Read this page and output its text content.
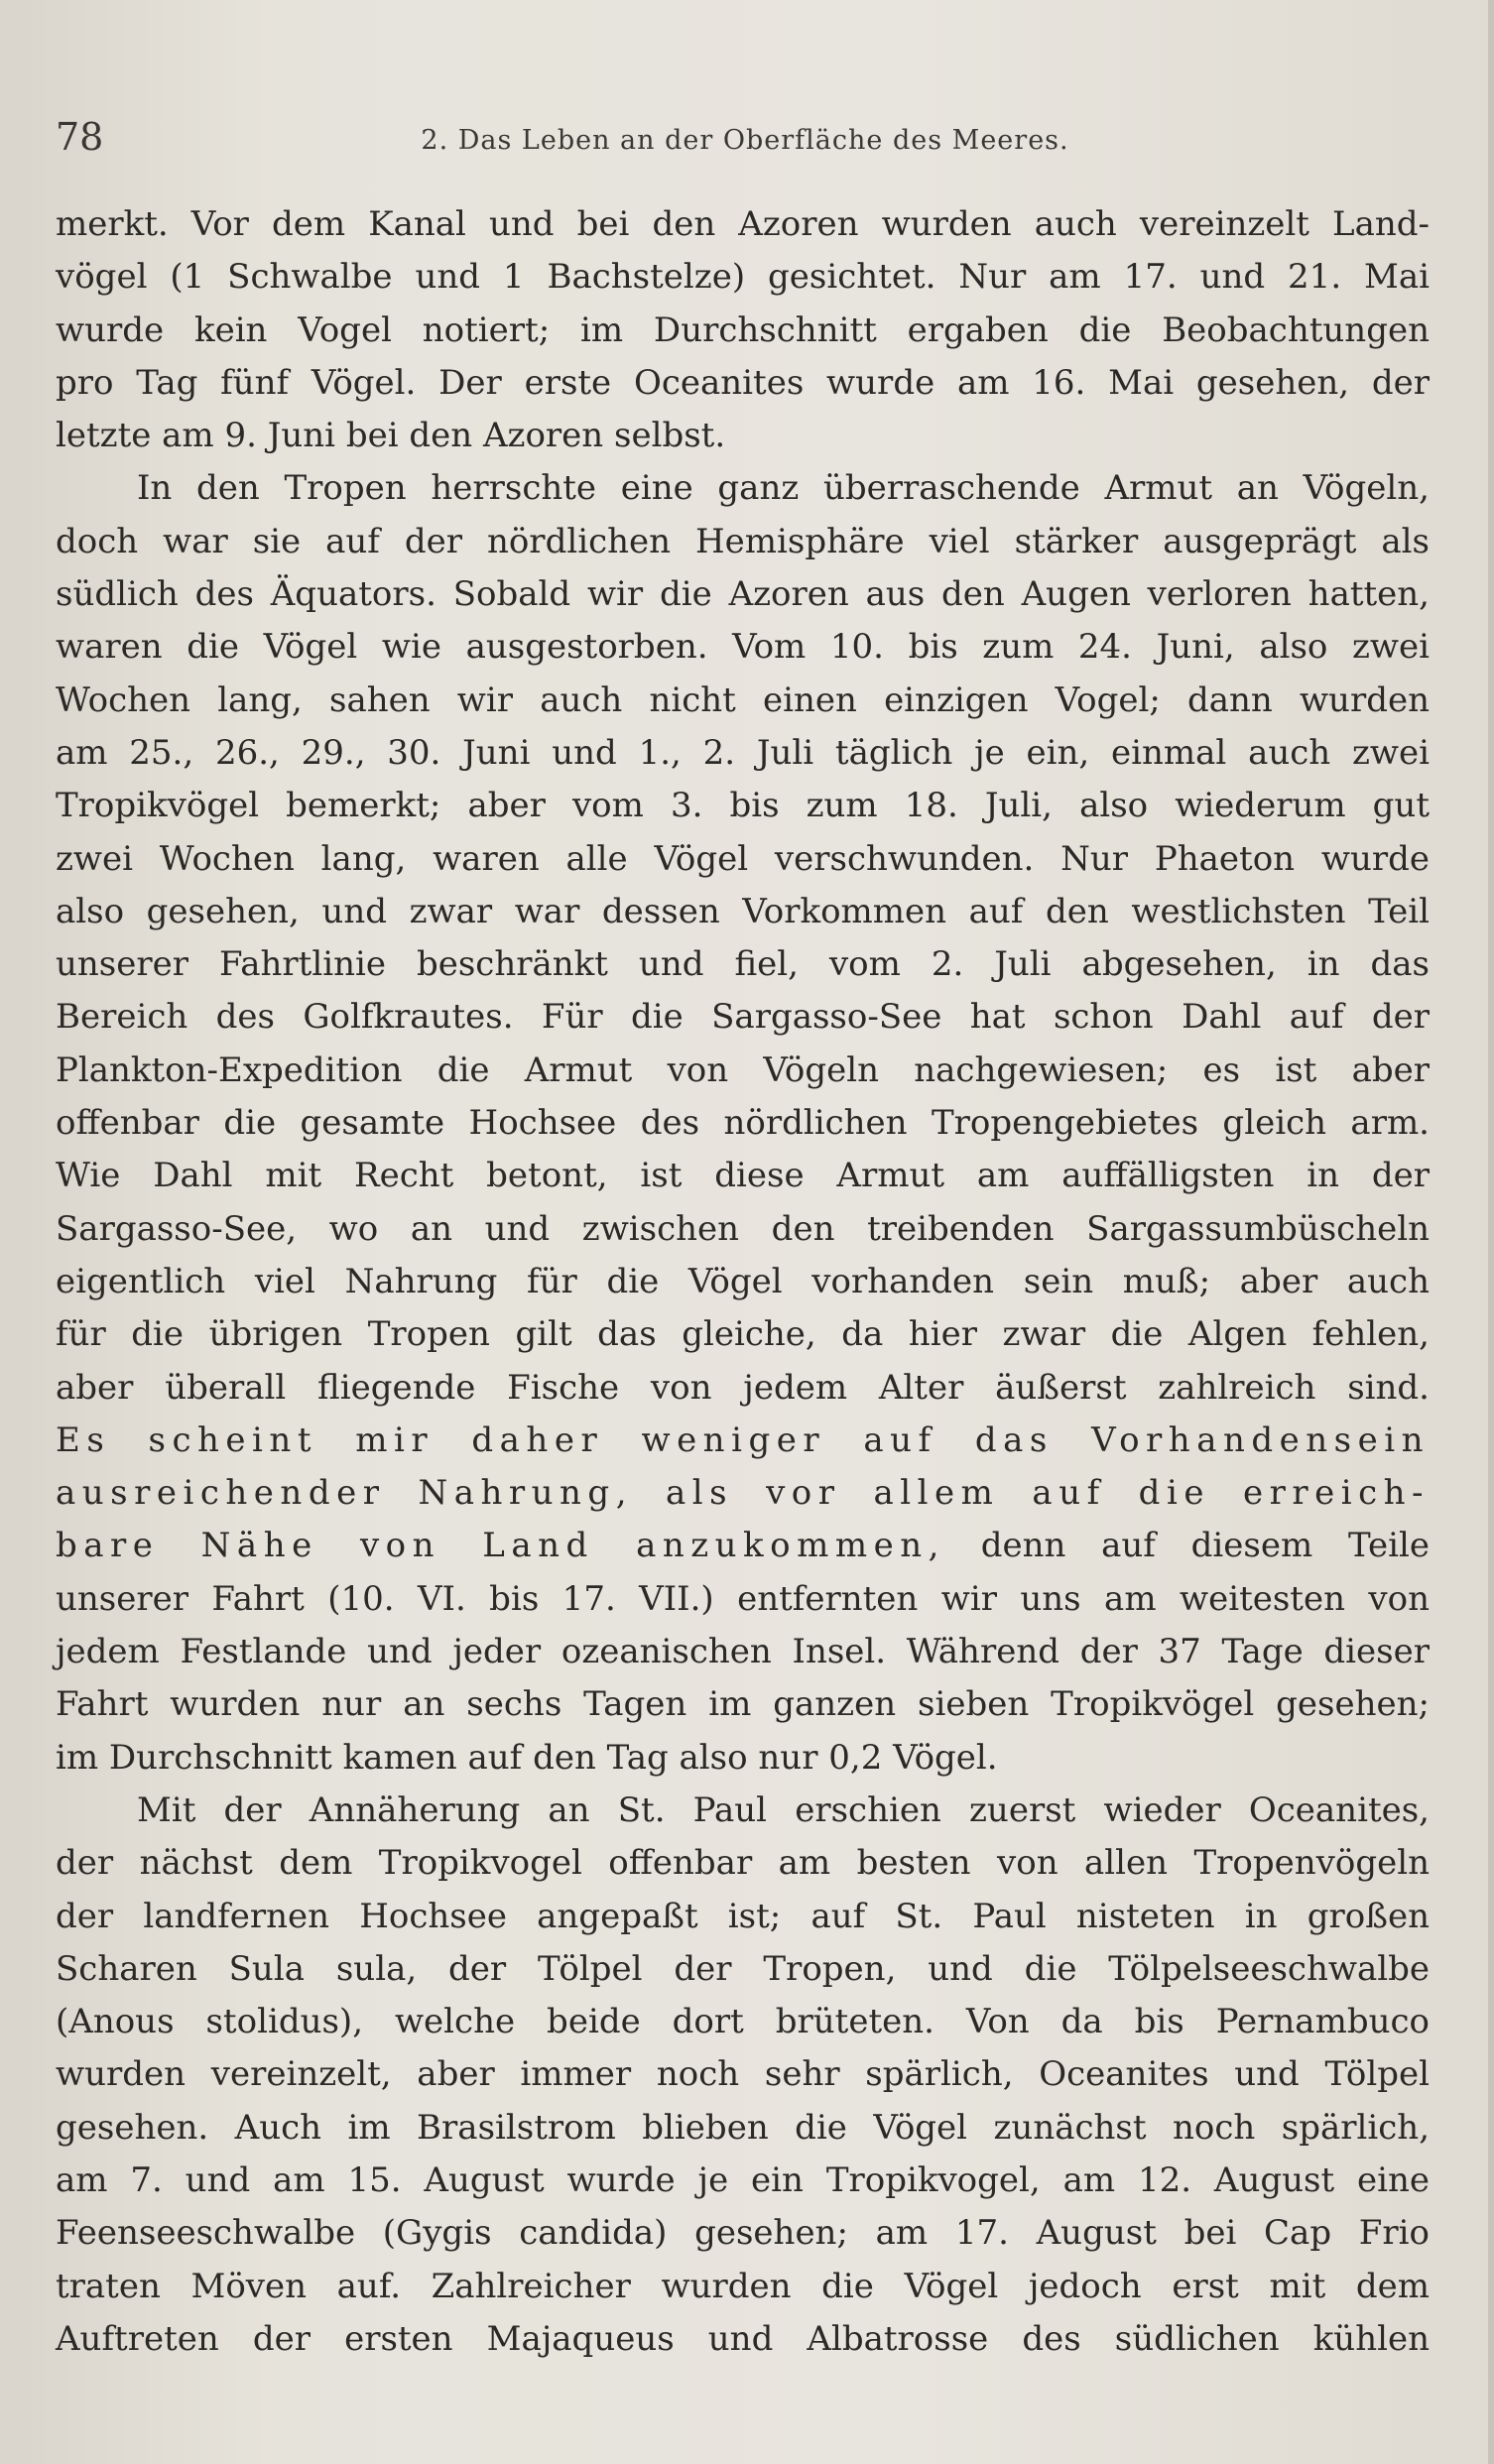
78	2. Das Leben an der Oberfläche des Meeres.
merkt. Vor dem Kanal und bei den Azoren wurden auch vereinzelt Land-
vögel (1 Schwalbe und 1 Bachstelze) gesichtet. Nur am 17. und 21. Mai
wurde kein Vogel notiert; im Durchschnitt ergaben die Beobachtungen
pro Tag fünf Vögel. Der erste Oceanites wurde am 16. Mai gesehen, der
letzte am 9. Juni bei den Azoren selbst.
In den Tropen herrschte eine ganz überraschende Armut an Vögeln,
doch war sie auf der nördlichen Hemisphäre viel stärker ausgeprägt als
südlich des Äquators. Sobald wir die Azoren aus den Augen verloren hatten,
waren die Vögel wie ausgestorben. Vom 10. bis zum 24. Juni, also zwei
Wochen lang, sahen wir auch nicht einen einzigen Vogel; dann wurden
am 25., 26., 29., 30. Juni und 1., 2. Juli täglich je ein, einmal auch zwei
Tropikvögel bemerkt; aber vom 3. bis zum 18. Juli, also wiederum gut
zwei Wochen lang, waren alle Vögel verschwunden. Nur Phaeton wurde
also gesehen, und zwar war dessen Vorkommen auf den westlichsten Teil
unserer Fahrtlinie beschränkt und fiel, vom 2. Juli abgesehen, in das
Bereich des Golfkrautes. Für die Sargasso-See hat schon Dahl auf der
Plankton-Expedition die Armut von Vögeln nachgewiesen; es ist aber
offenbar die gesamte Hochsee des nördlichen Tropengebietes gleich arm.
Wie Dahl mit Recht betont, ist diese Armut am auffälligsten in der
Sargasso-See, wo an und zwischen den treibenden Sargassumbüscheln
eigentlich viel Nahrung für die Vögel vorhanden sein muß; aber auch
für die übrigen Tropen gilt das gleiche, da hier zwar die Algen fehlen,
aber überall fliegende Fische von jedem Alter äußerst zahlreich sind.
Es scheint mir daher weniger auf das Vorhandensein
ausreichender Nahrung, als vor allem auf die erreich-
bare Nähe von Land anzukommen, denn auf diesem Teile
unserer Fahrt (10. VI. bis 17. VII.) entfernten wir uns am weitesten von
jedem Festlande und jeder ozeanischen Insel. Während der 37 Tage dieser
Fahrt wurden nur an sechs Tagen im ganzen sieben Tropikvögel gesehen;
im Durchschnitt kamen auf den Tag also nur 0,2 Vögel.
Mit der Annäherung an St. Paul erschien zuerst wieder Oceanites,
der nächst dem Tropikvogel offenbar am besten von allen Tropenvögeln
der landfernen Hochsee angepaßt ist; auf St. Paul nisteten in großen
Scharen Sula sula, der Tölpel der Tropen, und die Tölpelseeschwalbe
(Anous stolidus), welche beide dort brüteten. Von da bis Pernambuco
wurden vereinzelt, aber immer noch sehr spärlich, Oceanites und Tölpel
gesehen. Auch im Brasilstrom blieben die Vögel zunächst noch spärlich,
am 7. und am 15. August wurde je ein Tropikvogel, am 12. August eine
Feenseeschwalbe (Gygis candida) gesehen; am 17. August bei Cap Frio
traten Möven auf. Zahlreicher wurden die Vögel jedoch erst mit dem
Auftreten der ersten Majaqueus und Albatrosse des südlichen kühlen
